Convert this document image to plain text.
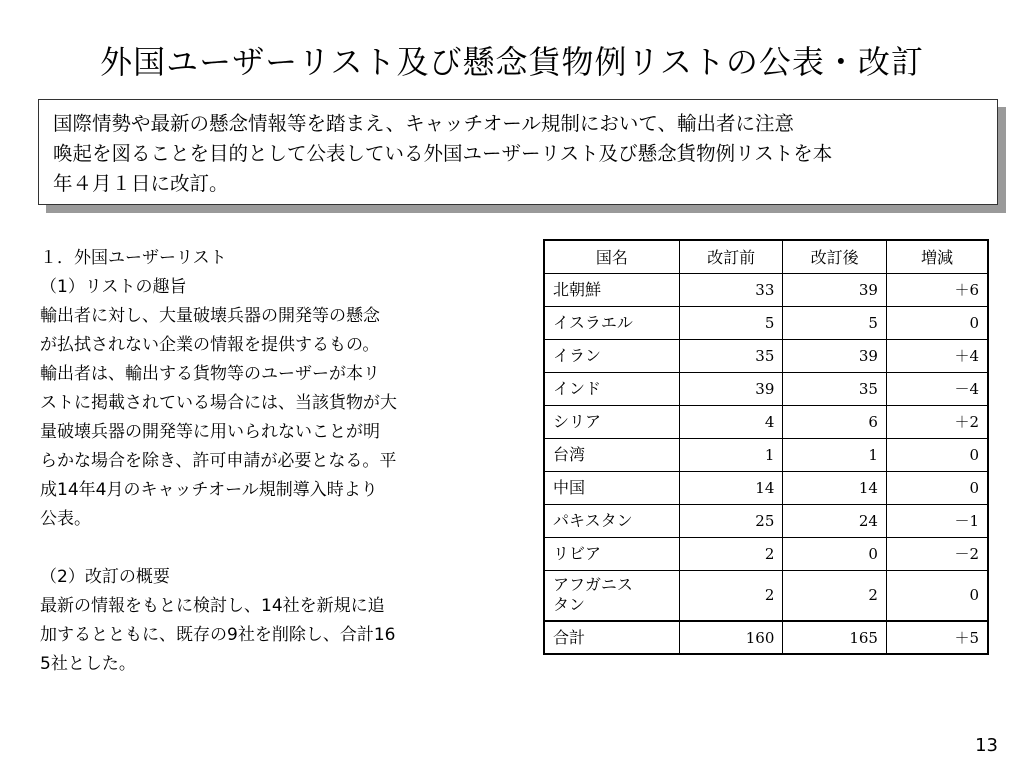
外国ユーザーリスト及び懸念貨物例リストの公表・改訂
国際情勢や最新の懸念情報等を踏まえ、キャッチオール規制において、輸出者に注意
喚起を図ることを目的として公表している外国ユーザーリスト及び懸念貨物例リストを本
年４月１日に改訂。

１．外国ユーザーリスト

（1）リストの趣旨

輸出者に対し、大量破壊兵器の開発等の懸念

が払拭されない企業の情報を提供するもの。

輸出者は、輸出する貨物等のユーザーが本リ

ストに掲載されている場合には、当該貨物が大

量破壊兵器の開発等に用いられないことが明

らかな場合を除き、許可申請が必要となる。平

成14年4月のキャッチオール規制導入時より

公表。

（2）改訂の概要

最新の情報をもとに検討し、14社を新規に追

加するとともに、既存の9社を削除し、合計16

5社とした。

国名	改訂前	改訂後	増減
北朝鮮	33	39	＋6
イスラエル	5	5	0
イラン	35	39	＋4
インド	39	35	－4
シリア	4	6	＋2
台湾	1	1	0
中国	14	14	0
パキスタン	25	24	－1
リビア	2	0	－2

アフガニス
タン	2	2	0
合計	160	165	＋5
13
